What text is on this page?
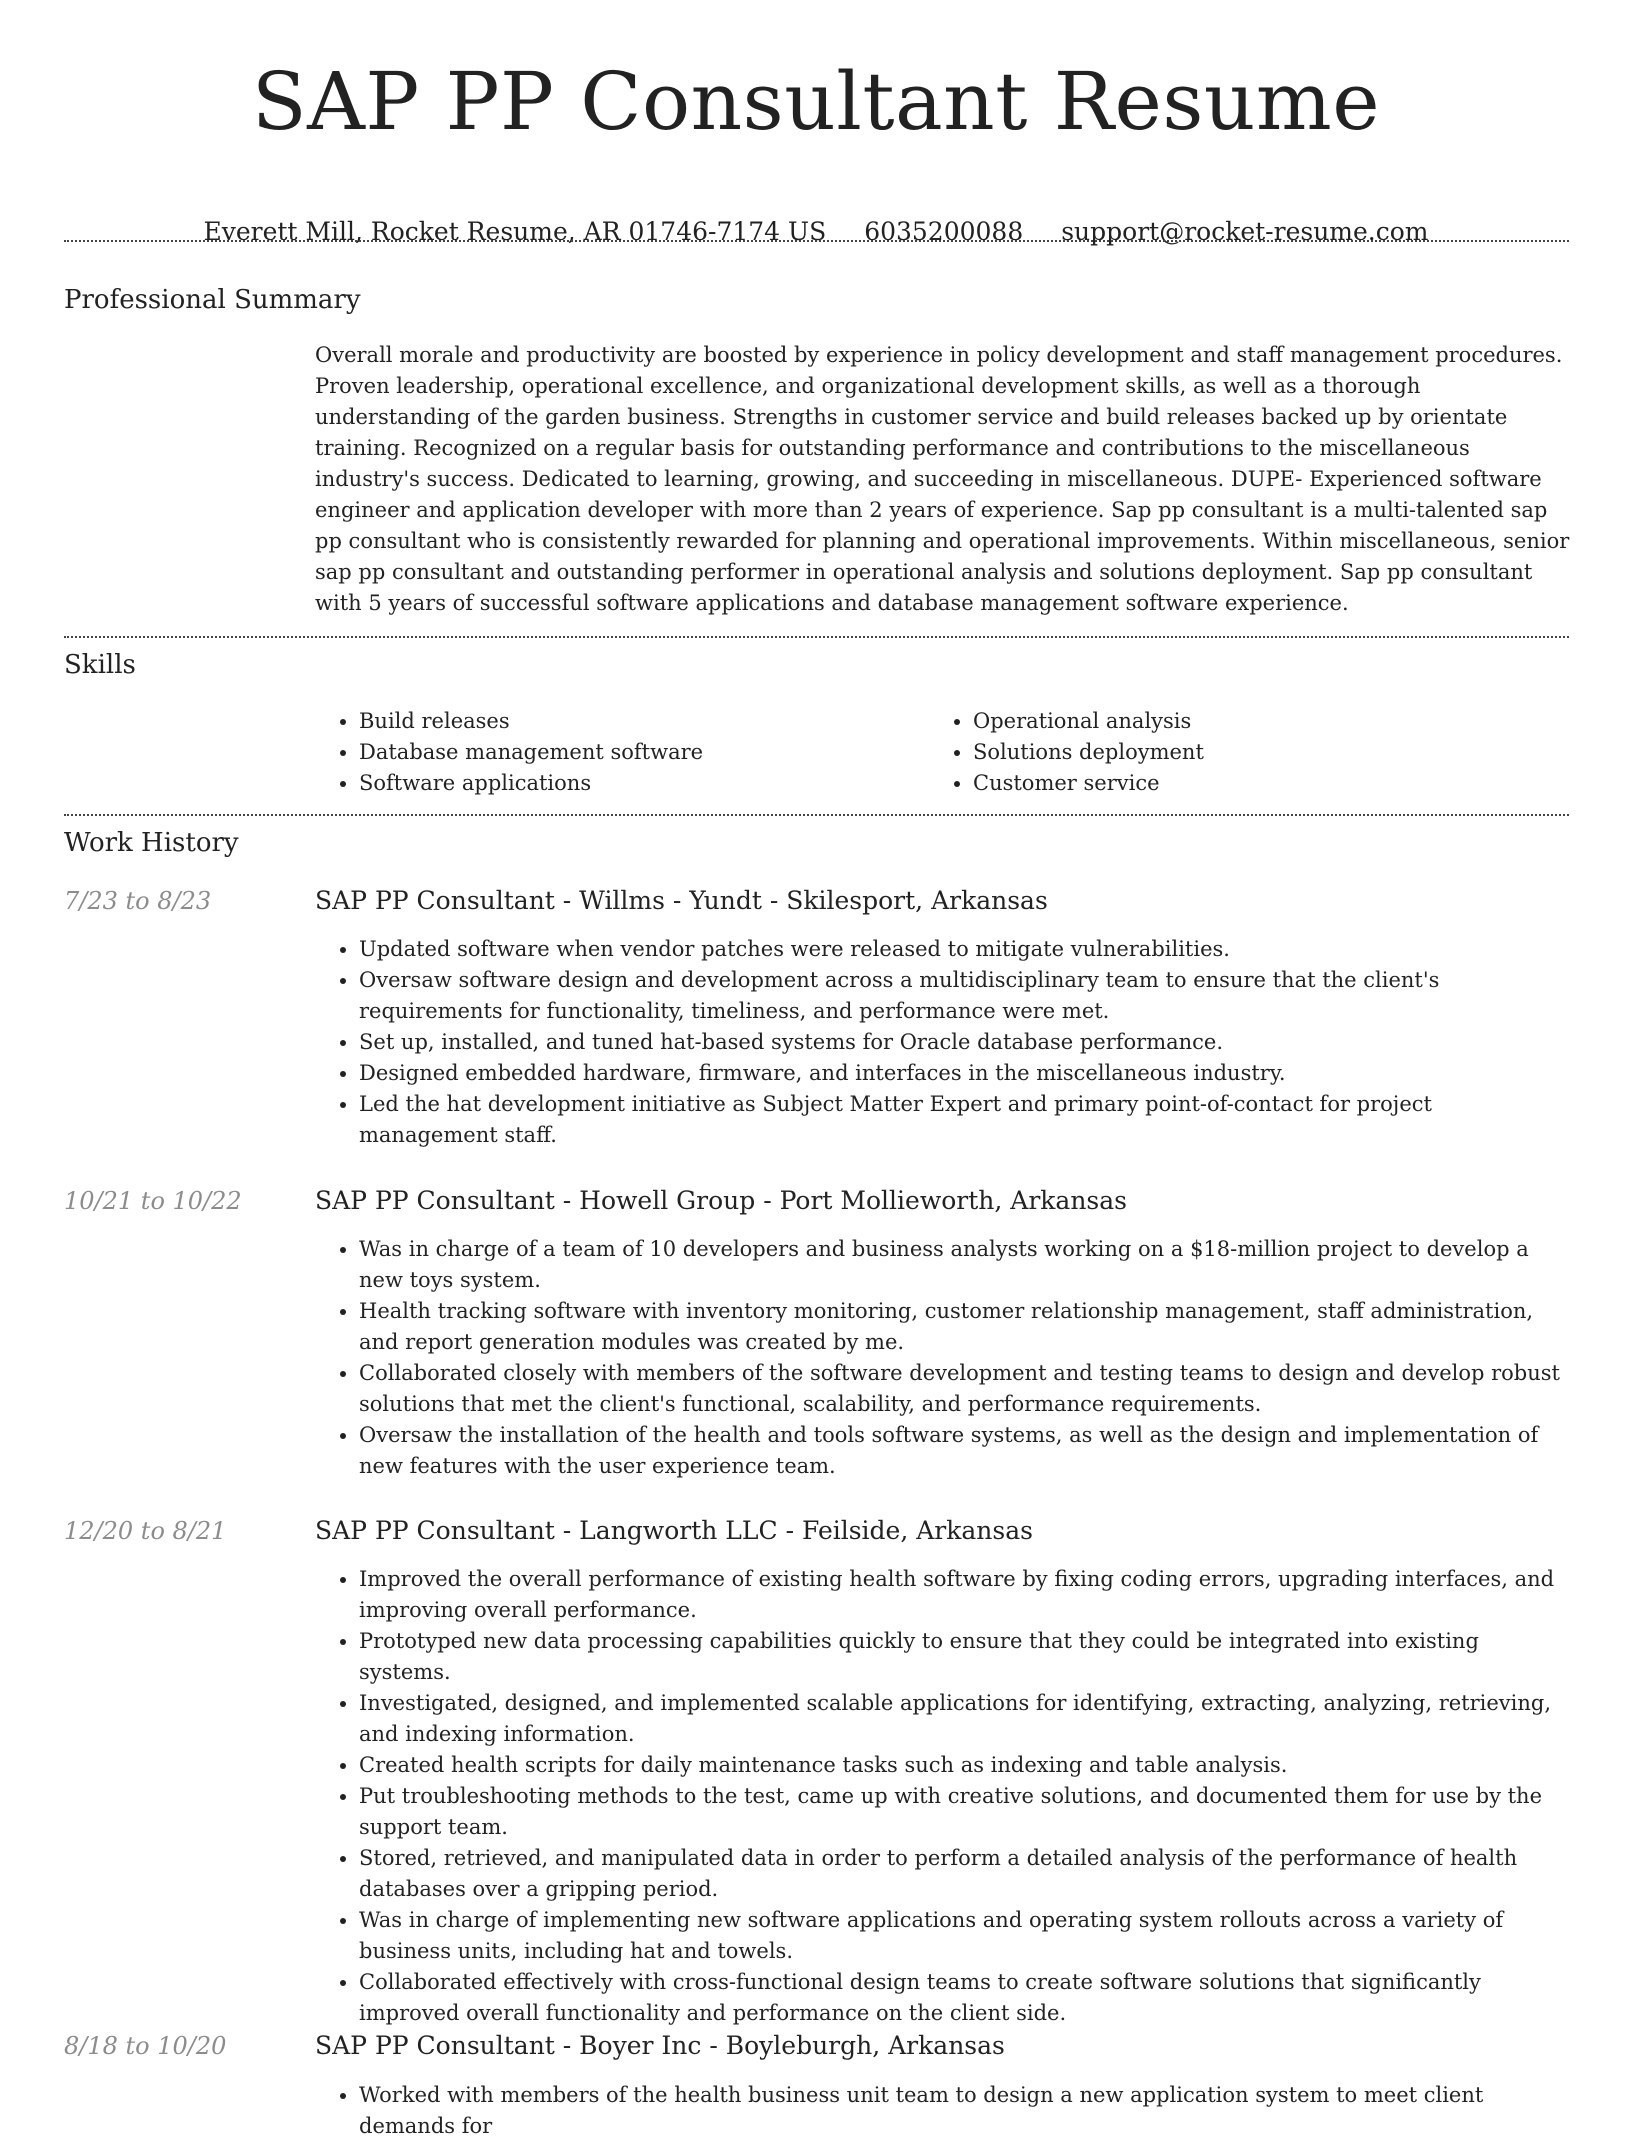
SAP PP Consultant Resume
Everett Mill, Rocket Resume, AR 01746-7174 US 6035200088 support@rocket-resume.com
Professional Summary
Overall morale and productivity are boosted by experience in policy development and staff management procedures. Proven leadership, operational excellence, and organizational development skills, as well as a thorough understanding of the garden business. Strengths in customer service and build releases backed up by orientate training. Recognized on a regular basis for outstanding performance and contributions to the miscellaneous industry's success. Dedicated to learning, growing, and succeeding in miscellaneous. DUPE- Experienced software engineer and application developer with more than 2 years of experience. Sap pp consultant is a multi-talented sap pp consultant who is consistently rewarded for planning and operational improvements. Within miscellaneous, senior sap pp consultant and outstanding performer in operational analysis and solutions deployment. Sap pp consultant with 5 years of successful software applications and database management software experience.
Skills
• Build releases
• Database management software
• Software applications
• Operational analysis
• Solutions deployment
• Customer service
Work History
7/23 to 8/23	SAP PP Consultant - Willms - Yundt - Skilesport, Arkansas
• Updated software when vendor patches were released to mitigate vulnerabilities.
• Oversaw software design and development across a multidisciplinary team to ensure that the client's requirements for functionality, timeliness, and performance were met.
• Set up, installed, and tuned hat-based systems for Oracle database performance.
• Designed embedded hardware, firmware, and interfaces in the miscellaneous industry.
• Led the hat development initiative as Subject Matter Expert and primary point-of-contact for project management staff.
10/21 to 10/22	SAP PP Consultant - Howell Group - Port Mollieworth, Arkansas
• Was in charge of a team of 10 developers and business analysts working on a $18-million project to develop a new toys system.
• Health tracking software with inventory monitoring, customer relationship management, staff administration, and report generation modules was created by me.
• Collaborated closely with members of the software development and testing teams to design and develop robust solutions that met the client's functional, scalability, and performance requirements.
• Oversaw the installation of the health and tools software systems, as well as the design and implementation of new features with the user experience team.
12/20 to 8/21	SAP PP Consultant - Langworth LLC - Feilside, Arkansas
• Improved the overall performance of existing health software by fixing coding errors, upgrading interfaces, and improving overall performance.
• Prototyped new data processing capabilities quickly to ensure that they could be integrated into existing systems.
• Investigated, designed, and implemented scalable applications for identifying, extracting, analyzing, retrieving, and indexing information.
• Created health scripts for daily maintenance tasks such as indexing and table analysis.
• Put troubleshooting methods to the test, came up with creative solutions, and documented them for use by the support team.
• Stored, retrieved, and manipulated data in order to perform a detailed analysis of the performance of health databases over a gripping period.
• Was in charge of implementing new software applications and operating system rollouts across a variety of business units, including hat and towels.
• Collaborated effectively with cross-functional design teams to create software solutions that significantly improved overall functionality and performance on the client side.
8/18 to 10/20	SAP PP Consultant - Boyer Inc - Boyleburgh, Arkansas
• Worked with members of the health business unit team to design a new application system to meet client demands for
